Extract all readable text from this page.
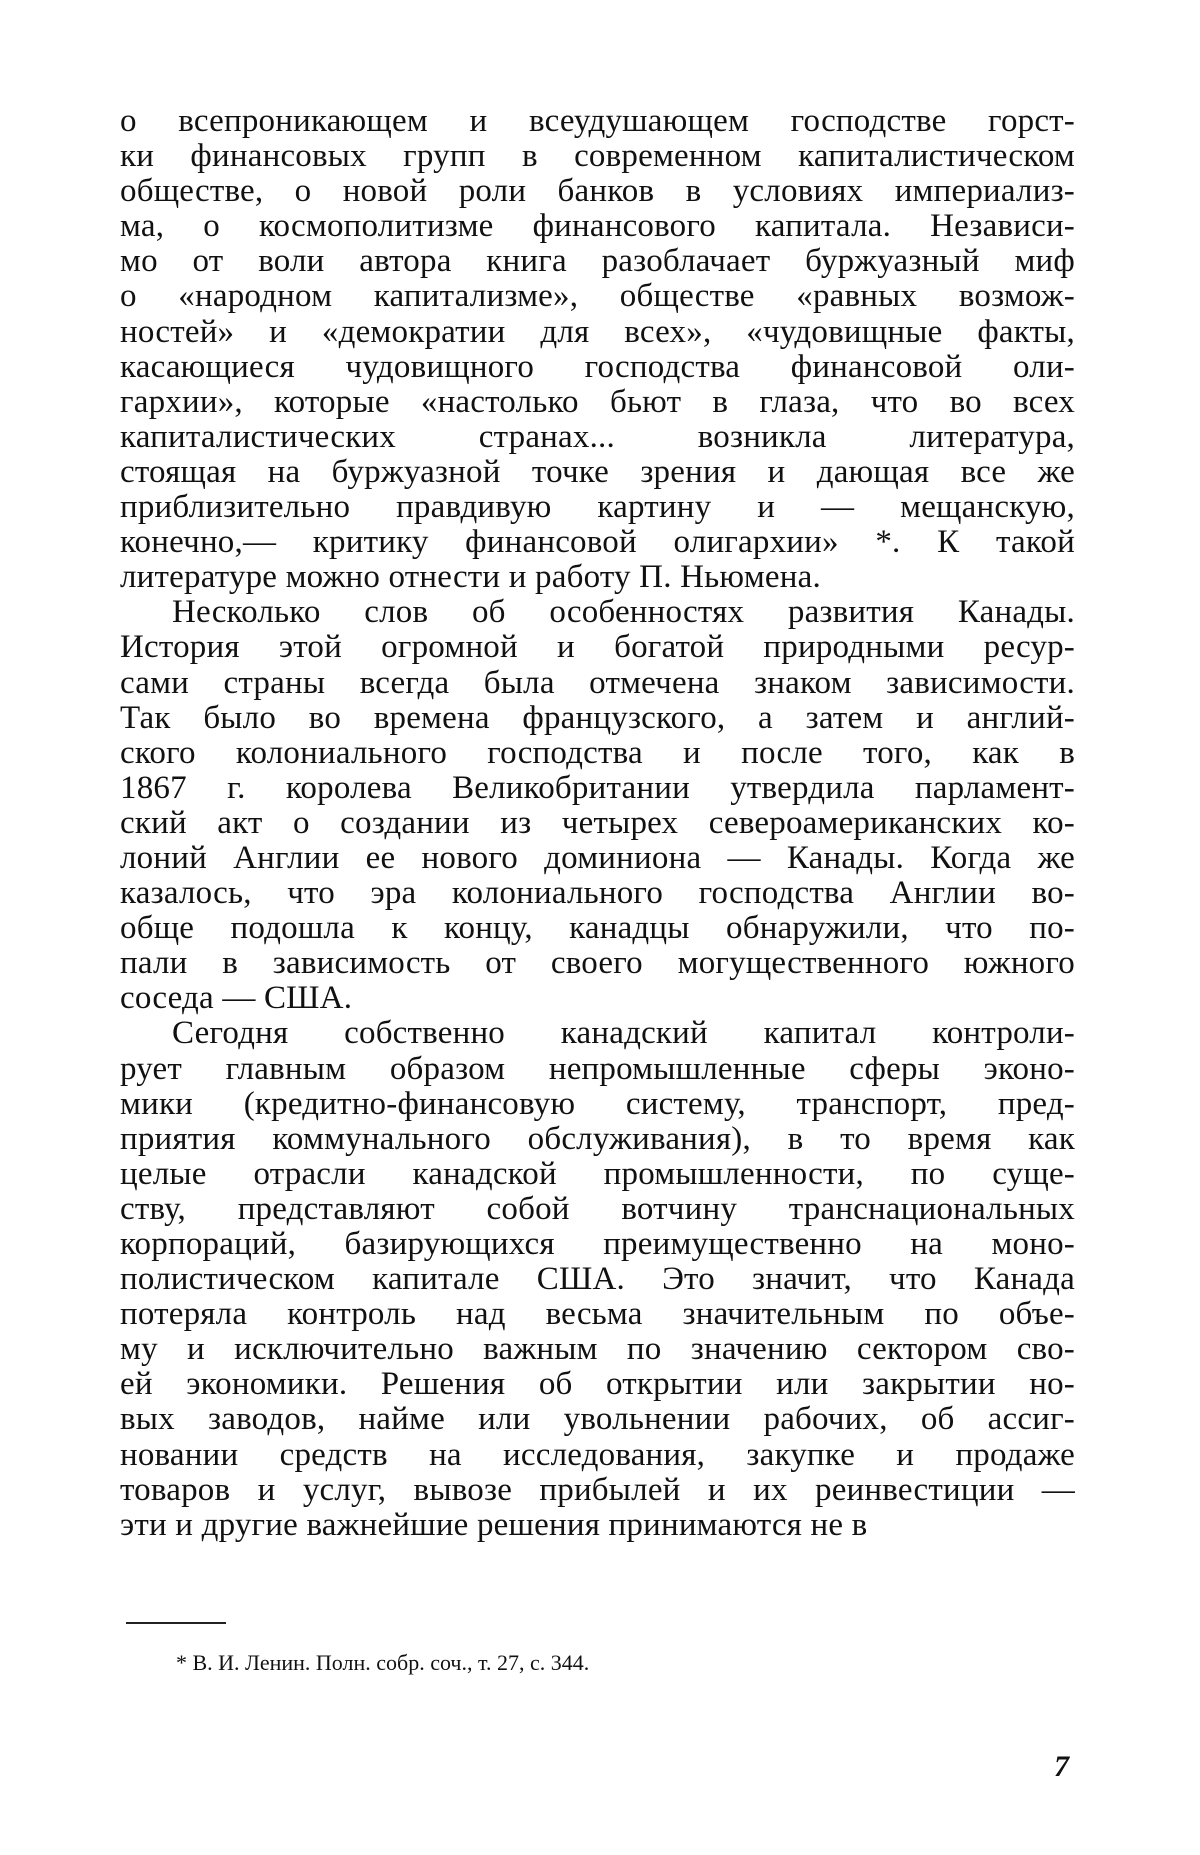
о всепроникающем и всеудушающем господстве горст-
ки финансовых групп в современном капиталистическом
обществе, о новой роли банков в условиях империализ-
ма, о космополитизме финансового капитала. Независи-
мо от воли автора книга разоблачает буржуазный миф
о «народном капитализме», обществе «равных возмож-
ностей» и «демократии для всех», «чудовищные факты,
касающиеся чудовищного господства финансовой оли-
гархии», которые «настолько бьют в глаза, что во всех
капиталистических странах... возникла литература,
стоящая на буржуазной точке зрения и дающая все же
приблизительно правдивую картину и — мещанскую,
конечно,— критику финансовой олигархии» *. К такой
литературе можно отнести и работу П. Ньюмена.
Несколько слов об особенностях развития Канады.
История этой огромной и богатой природными ресур-
сами страны всегда была отмечена знаком зависимости.
Так было во времена французского, а затем и англий-
ского колониального господства и после того, как в
1867 г. королева Великобритании утвердила парламент-
ский акт о создании из четырех североамериканских ко-
лоний Англии ее нового доминиона — Канады. Когда же
казалось, что эра колониального господства Англии во-
обще подошла к концу, канадцы обнаружили, что по-
пали в зависимость от своего могущественного южного
соседа — США.
Сегодня собственно канадский капитал контроли-
рует главным образом непромышленные сферы эконо-
мики (кредитно-финансовую систему, транспорт, пред-
приятия коммунального обслуживания), в то время как
целые отрасли канадской промышленности, по суще-
ству, представляют собой вотчину транснациональных
корпораций, базирующихся преимущественно на моно-
полистическом капитале США. Это значит, что Канада
потеряла контроль над весьма значительным по объе-
му и исключительно важным по значению сектором сво-
ей экономики. Решения об открытии или закрытии но-
вых заводов, найме или увольнении рабочих, об ассиг-
новании средств на исследования, закупке и продаже
товаров и услуг, вывозе прибылей и их реинвестиции —
эти и другие важнейшие решения принимаются не в
* В. И. Ленин. Полн. собр. соч., т. 27, с. 344.
7
